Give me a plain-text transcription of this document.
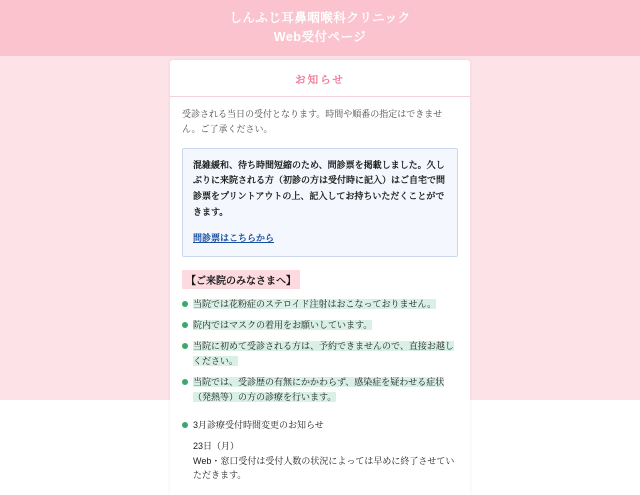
しんふじ耳鼻咽喉科クリニック
Web受付ページ
お知らせ
受診される当日の受付となります。時間や順番の指定はできません。ご了承ください。
混雑緩和、待ち時間短縮のため、問診票を掲載しました。久しぶりに来院される方（初診の方は受付時に記入）はご自宅で問診票をプリントアウトの上、記入してお持ちいただくことができます。
問診票はこちらから
【ご来院のみなさまへ】
当院では花粉症のステロイド注射はおこなっておりません。
院内ではマスクの着用をお願いしています。
当院に初めて受診される方は、予約できませんので、直接お越しください。
当院では、受診歴の有無にかかわらず、感染症を疑わせる症状（発熱等）の方の診療を行います。
3月診療受付時間変更のお知らせ
23日（月）
Web・窓口受付は受付人数の状況によっては早めに終了させていただきます。
